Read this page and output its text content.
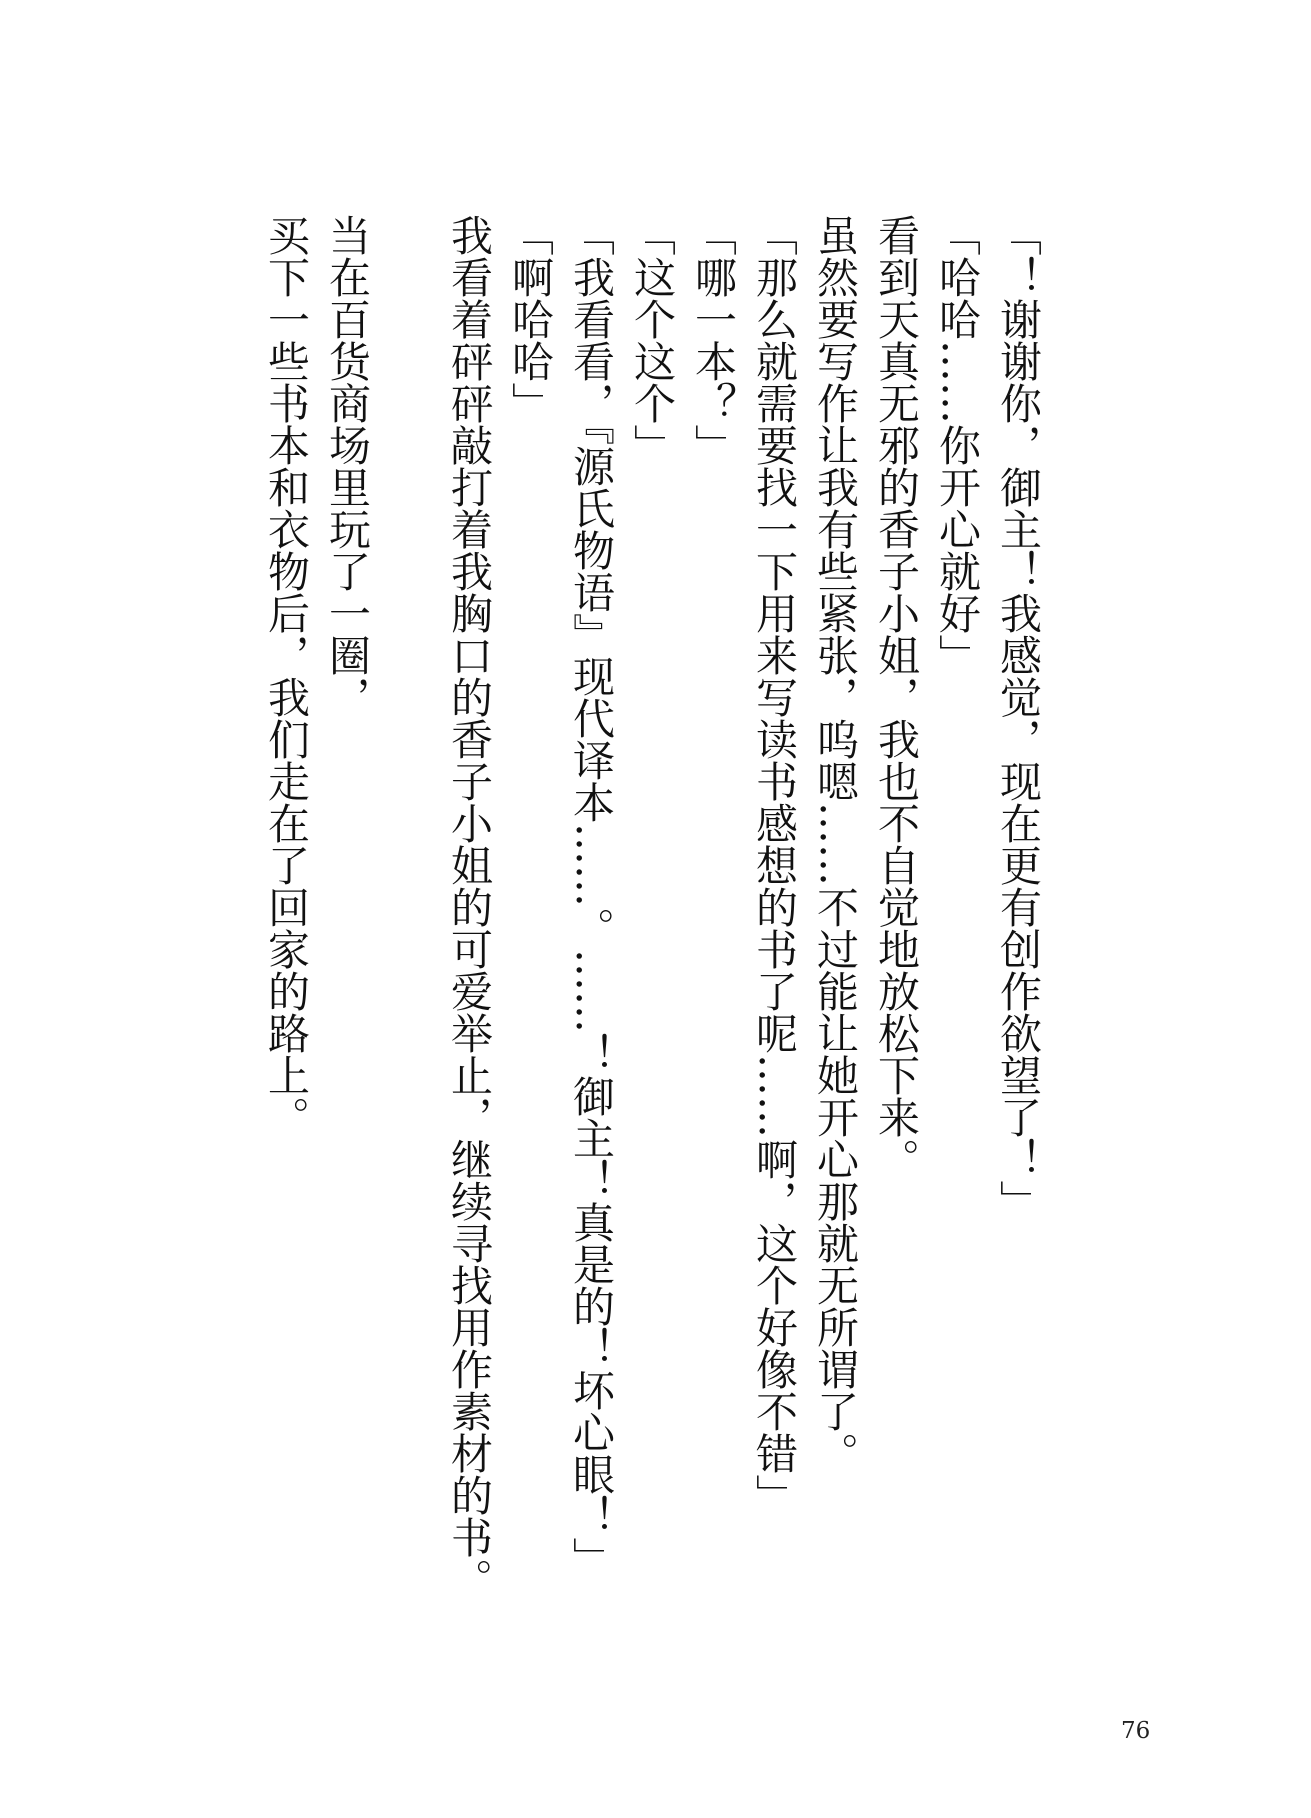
「！谢谢你，御主！我感觉，现在更有创作欲望了！」
「哈哈……你开心就好」
看到天真无邪的香子小姐，我也不自觉地放松下来。
虽然要写作让我有些紧张，呜嗯……不过能让她开心那就无所谓了。
「那么就需要找一下用来写读书感想的书了呢……啊，这个好像不错」
「哪一本？」
「这个这个」
「我看看，『源氏物语』现代译本……。……！御主！真是的！坏心眼！」
「啊哈哈」
我看着砰砰敲打着我胸口的香子小姐的可爱举止，继续寻找用作素材的书。
当在百货商场里玩了一圈，
买下一些书本和衣物后，我们走在了回家的路上。
76
